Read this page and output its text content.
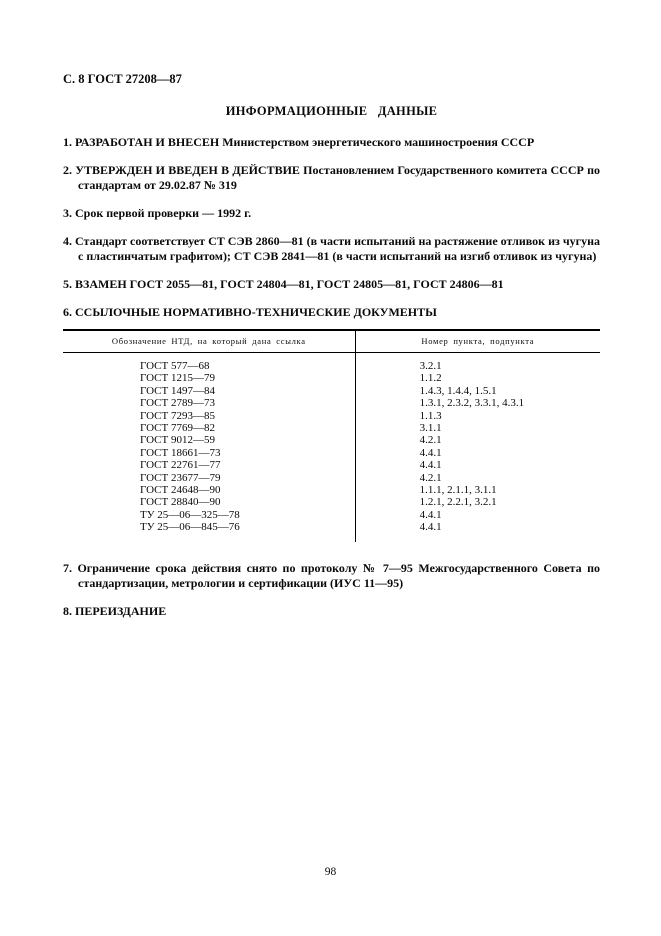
С. 8 ГОСТ 27208—87
ИНФОРМАЦИОННЫЕ ДАННЫЕ
1. РАЗРАБОТАН И ВНЕСЕН Министерством энергетического машиностроения СССР
2. УТВЕРЖДЕН И ВВЕДЕН В ДЕЙСТВИЕ Постановлением Государственного комитета СССР по стандартам от 29.02.87 № 319
3. Срок первой проверки — 1992 г.
4. Стандарт соответствует СТ СЭВ 2860—81 (в части испытаний на растяжение отливок из чугуна с пластинчатым графитом); СТ СЭВ 2841—81 (в части испытаний на изгиб отливок из чугуна)
5. ВЗАМЕН ГОСТ 2055—81, ГОСТ 24804—81, ГОСТ 24805—81, ГОСТ 24806—81
6. ССЫЛОЧНЫЕ НОРМАТИВНО-ТЕХНИЧЕСКИЕ ДОКУМЕНТЫ
Обозначение НТД, на который дана ссылка	Номер пункта, подпункта
ГОСТ 577—68
ГОСТ 1215—79
ГОСТ 1497—84
ГОСТ 2789—73
ГОСТ 7293—85
ГОСТ 7769—82
ГОСТ 9012—59
ГОСТ 18661—73
ГОСТ 22761—77
ГОСТ 23677—79
ГОСТ 24648—90
ГОСТ 28840—90
ТУ 25—06—325—78
ТУ 25—06—845—76
3.2.1
1.1.2
1.4.3, 1.4.4, 1.5.1
1.3.1, 2.3.2, 3.3.1, 4.3.1
1.1.3
3.1.1
4.2.1
4.4.1
4.4.1
4.2.1
1.1.1, 2.1.1, 3.1.1
1.2.1, 2.2.1, 3.2.1
4.4.1
4.4.1
7. Ограничение срока действия снято по протоколу № 7—95 Межгосударственного Совета по стандартизации, метрологии и сертификации (ИУС 11—95)
8. ПЕРЕИЗДАНИЕ
98
